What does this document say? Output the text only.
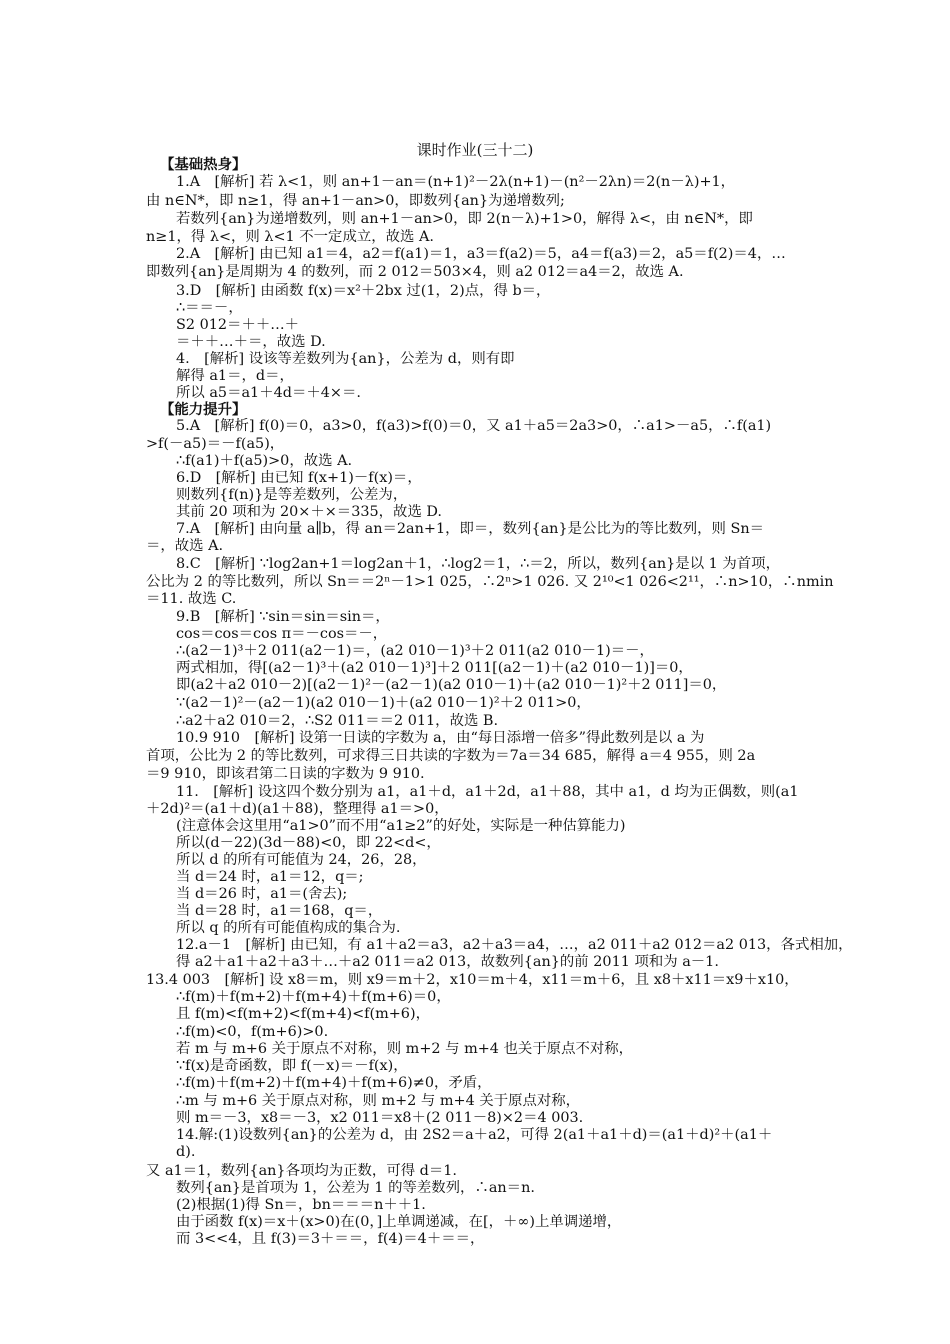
课时作业(三十二)
【基础热身】
1.A　[解析] 若 λ<1，则 an+1－an＝(n+1)²－2λ(n+1)－(n²－2λn)＝2(n－λ)+1，
由 n∈N*，即 n≥1，得 an+1－an>0，即数列{an}为递增数列;
若数列{an}为递增数列，则 an+1－an>0，即 2(n－λ)+1>0，解得 λ<，由 n∈N*，即
n≥1，得 λ<，则 λ<1 不一定成立，故选 A.
2.A　[解析] 由已知 a1＝4，a2＝f(a1)＝1，a3＝f(a2)＝5，a4＝f(a3)＝2，a5＝f(2)＝4，…
即数列{an}是周期为 4 的数列，而 2 012＝503×4，则 a2 012＝a4＝2，故选 A.
3.D　[解析] 由函数 f(x)＝x²＋2bx 过(1，2)点，得 b＝，
∴＝＝－，
S2 012＝＋＋…＋
＝＋＋…＋＝，故选 D.
4.　[解析] 设该等差数列为{an}，公差为 d，则有即
解得 a1＝，d＝，
所以 a5＝a1＋4d＝＋4×＝.
【能力提升】
5.A　[解析] f(0)＝0，a3>0，f(a3)>f(0)＝0，又 a1＋a5＝2a3>0，∴a1>－a5，∴f(a1)
>f(－a5)＝－f(a5)，
∴f(a1)＋f(a5)>0，故选 A.
6.D　[解析] 由已知 f(x+1)－f(x)＝，
则数列{f(n)}是等差数列，公差为，
其前 20 项和为 20×＋×＝335，故选 D.
7.A　[解析] 由向量 a∥b，得 an＝2an+1，即＝，数列{an}是公比为的等比数列，则 Sn＝
＝，故选 A.
8.C　[解析] ∵log2an+1＝log2an＋1，∴log2＝1，∴＝2，所以，数列{an}是以 1 为首项，
公比为 2 的等比数列，所以 Sn＝＝2ⁿ－1>1 025，∴2ⁿ>1 026. 又 2¹⁰<1 026<2¹¹，∴n>10，∴nmin
＝11. 故选 C.
9.B　[解析] ∵sin＝sin＝sin＝，
cos＝cos＝cos π＝－cos＝－，
∴(a2－1)³＋2 011(a2－1)＝，(a2 010－1)³＋2 011(a2 010－1)＝－，
两式相加，得[(a2－1)³＋(a2 010－1)³]＋2 011[(a2－1)＋(a2 010－1)]＝0，
即(a2＋a2 010－2)[(a2－1)²－(a2－1)(a2 010－1)＋(a2 010－1)²＋2 011]＝0，
∵(a2－1)²－(a2－1)(a2 010－1)＋(a2 010－1)²＋2 011>0，
∴a2＋a2 010＝2，∴S2 011＝＝2 011，故选 B.
10.9 910　[解析] 设第一日读的字数为 a，由“每日添增一倍多”得此数列是以 a 为
首项，公比为 2 的等比数列，可求得三日共读的字数为＝7a＝34 685，解得 a＝4 955，则 2a
＝9 910，即该君第二日读的字数为 9 910.
11.　[解析] 设这四个数分别为 a1，a1＋d，a1＋2d，a1＋88，其中 a1，d 均为正偶数，则(a1
＋2d)²＝(a1＋d)(a1＋88)，整理得 a1＝>0，
(注意体会这里用“a1>0”而不用“a1≥2”的好处，实际是一种估算能力)
所以(d－22)(3d－88)<0，即 22<d<，
所以 d 的所有可能值为 24，26，28，
当 d＝24 时，a1＝12，q＝;
当 d＝26 时，a1＝(舍去);
当 d＝28 时，a1＝168，q＝，
所以 q 的所有可能值构成的集合为.
12.a－1　[解析] 由已知，有 a1＋a2＝a3，a2＋a3＝a4，…，a2 011＋a2 012＝a2 013，各式相加，
得 a2＋a1＋a2＋a3＋…＋a2 011＝a2 013，故数列{an}的前 2011 项和为 a－1.
13.4 003　[解析] 设 x8＝m，则 x9＝m＋2，x10＝m＋4，x11＝m＋6，且 x8＋x11＝x9＋x10，
∴f(m)＋f(m+2)＋f(m+4)＋f(m+6)＝0，
且 f(m)<f(m+2)<f(m+4)<f(m+6)，
∴f(m)<0，f(m+6)>0.
若 m 与 m+6 关于原点不对称，则 m+2 与 m+4 也关于原点不对称，
∵f(x)是奇函数，即 f(－x)＝－f(x)，
∴f(m)＋f(m+2)＋f(m+4)＋f(m+6)≠0，矛盾，
∴m 与 m+6 关于原点对称，则 m+2 与 m+4 关于原点对称，
则 m＝－3，x8＝－3，x2 011＝x8＋(2 011－8)×2＝4 003.
14.解:(1)设数列{an}的公差为 d，由 2S2＝a＋a2，可得 2(a1＋a1＋d)＝(a1＋d)²＋(a1＋
d).
又 a1＝1，数列{an}各项均为正数，可得 d＝1.
数列{an}是首项为 1，公差为 1 的等差数列，∴an＝n.
(2)根据(1)得 Sn＝，bn＝＝＝n＋＋1.
由于函数 f(x)＝x＋(x>0)在(0，]上单调递减，在[，＋∞)上单调递增，
而 3<<4，且 f(3)＝3＋＝＝，f(4)＝4＋＝＝，
